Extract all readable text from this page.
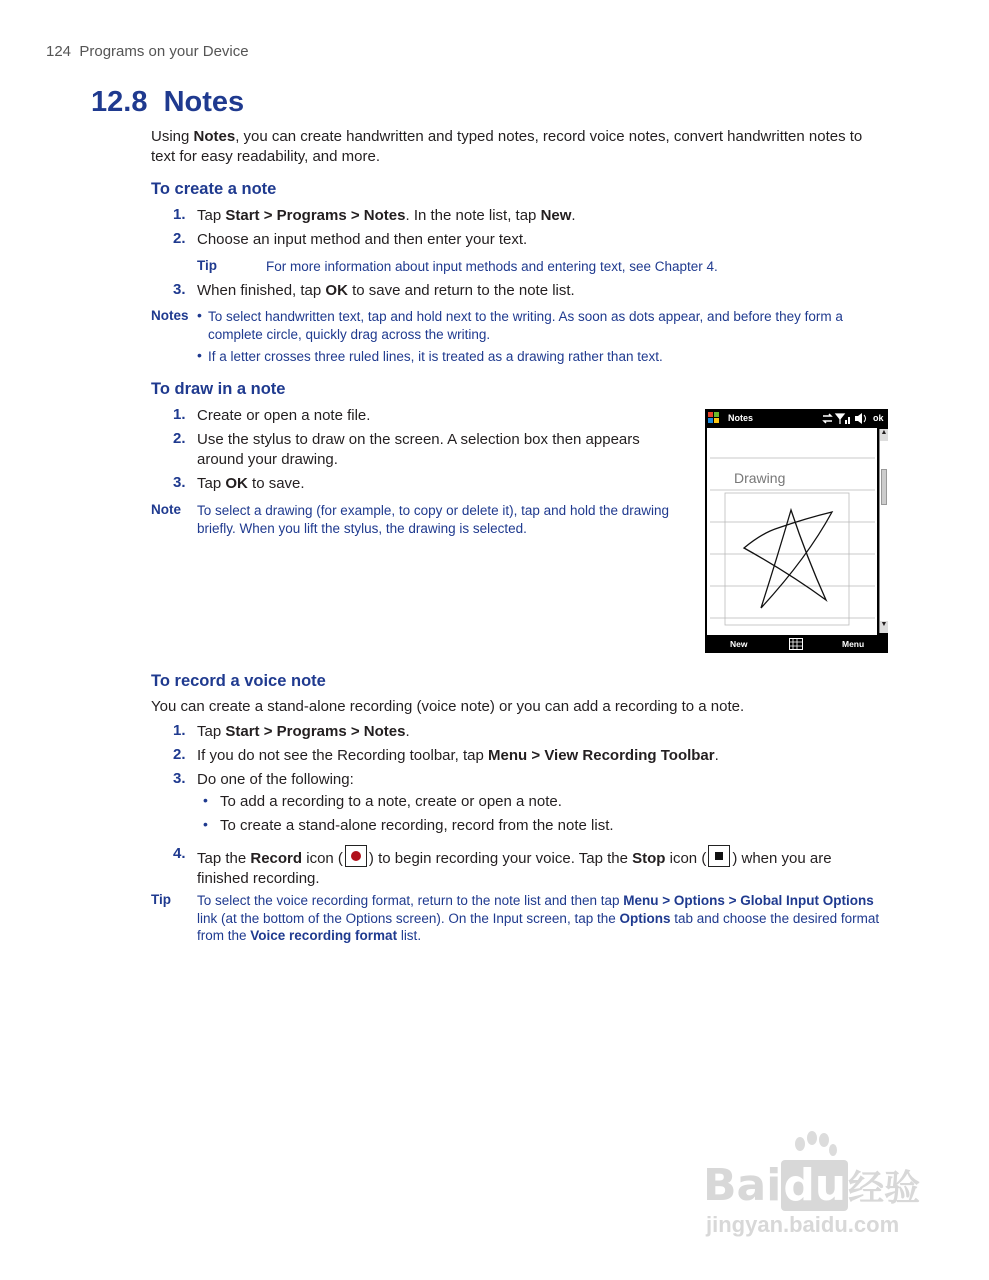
124 Programs on your Device
12.8 Notes
Using Notes, you can create handwritten and typed notes, record voice notes, convert handwritten notes to
text for easy readability, and more.
To create a note
1. Tap Start > Programs > Notes. In the note list, tap New.
2. Choose an input method and then enter your text.
Tip	For more information about input methods and entering text, see Chapter 4.
3. When finished, tap OK to save and return to the note list.
Notes • To select handwritten text, tap and hold next to the writing. As soon as dots appear, and before they form a
complete circle, quickly drag across the writing.
• If a letter crosses three ruled lines, it is treated as a drawing rather than text.
To draw in a note
1. Create or open a note file.
2. Use the stylus to draw on the screen. A selection box then appears
around your drawing.
3. Tap OK to save.
Note To select a drawing (for example, to copy or delete it), tap and hold the drawing
briefly. When you lift the stylus, the drawing is selected.
Notes	ok
Drawing
▲
▼
New	Menu
To record a voice note
You can create a stand-alone recording (voice note) or you can add a recording to a note.
1. Tap Start > Programs > Notes.
2. If you do not see the Recording toolbar, tap Menu > View Recording Toolbar.
3. Do one of the following:
• To add a recording to a note, create or open a note.
• To create a stand-alone recording, record from the note list.
4. Tap the Record icon ( ) to begin recording your voice. Tap the Stop icon ( ) when you are
finished recording.
Tip To select the voice recording format, return to the note list and then tap Menu > Options > Global Input Options
link (at the bottom of the Options screen). On the Input screen, tap the Options tab and choose the desired format
from the Voice recording format list.
Baidu经验
jingyan.baidu.com
